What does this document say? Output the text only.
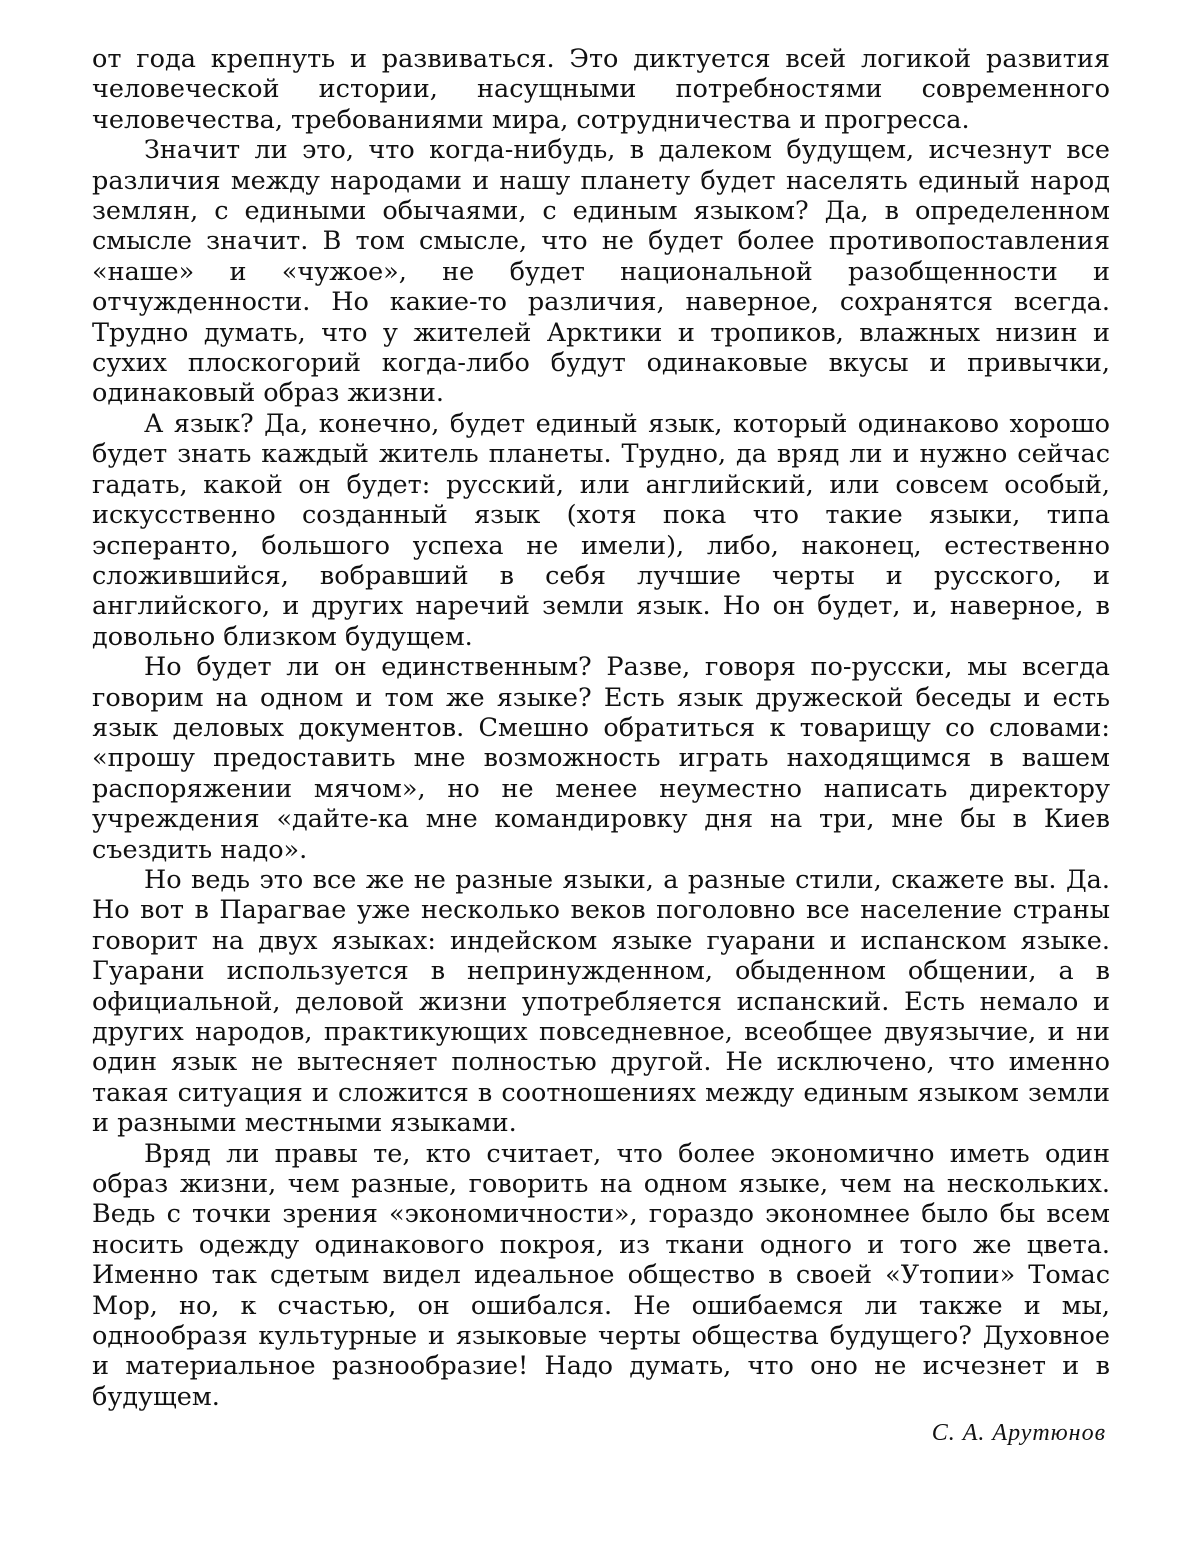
от года крепнуть и развиваться. Это диктуется всей логикой развития человеческой истории, насущными потребностями современного человечества, требованиями мира, сотрудничества и прогресса.

Значит ли это, что когда-нибудь, в далеком будущем, исчезнут все различия между народами и нашу планету будет населять единый народ землян, с едиными обычаями, с единым языком? Да, в определенном смысле значит. В том смысле, что не будет более противопоставления «наше» и «чужое», не будет национальной разобщенности и отчужденности. Но какие-то различия, наверное, сохранятся всегда. Трудно думать, что у жителей Арктики и тропиков, влажных низин и сухих плоскогорий когда-либо будут одинаковые вкусы и привычки, одинаковый образ жизни.

А язык? Да, конечно, будет единый язык, который одинаково хорошо будет знать каждый житель планеты. Трудно, да вряд ли и нужно сейчас гадать, какой он будет: русский, или английский, или совсем особый, искусственно созданный язык (хотя пока что такие языки, типа эсперанто, большого успеха не имели), либо, наконец, естественно сложившийся, вобравший в себя лучшие черты и русского, и английского, и других наречий земли язык. Но он будет, и, наверное, в довольно близком будущем.

Но будет ли он единственным? Разве, говоря по-русски, мы всегда говорим на одном и том же языке? Есть язык дружеской беседы и есть язык деловых документов. Смешно обратиться к товарищу со словами: «прошу предоставить мне возможность играть находящимся в вашем распоряжении мячом», но не менее неуместно написать директору учреждения «дайте-ка мне командировку дня на три, мне бы в Киев съездить надо».

Но ведь это все же не разные языки, а разные стили, скажете вы. Да. Но вот в Парагвае уже несколько веков поголовно все население страны говорит на двух языках: индейском языке гуарани и испанском языке. Гуарани используется в непринужденном, обыденном общении, а в официальной, деловой жизни употребляется испанский. Есть немало и других народов, практикующих повседневное, всеобщее двуязычие, и ни один язык не вытесняет полностью другой. Не исключено, что именно такая ситуация и сложится в соотношениях между единым языком земли и разными местными языками.

Вряд ли правы те, кто считает, что более экономично иметь один образ жизни, чем разные, говорить на одном языке, чем на нескольких. Ведь с точки зрения «экономичности», гораздо экономнее было бы всем носить одежду одинакового покроя, из ткани одного и того же цвета. Именно так сдетым видел идеальное общество в своей «Утопии» Томас Мор, но, к счастью, он ошибался. Не ошибаемся ли также и мы, однообразя культурные и языковые черты общества будущего? Духовное и материальное разнообразие! Надо думать, что оно не исчезнет и в будущем.

С. А. Арутюнов
